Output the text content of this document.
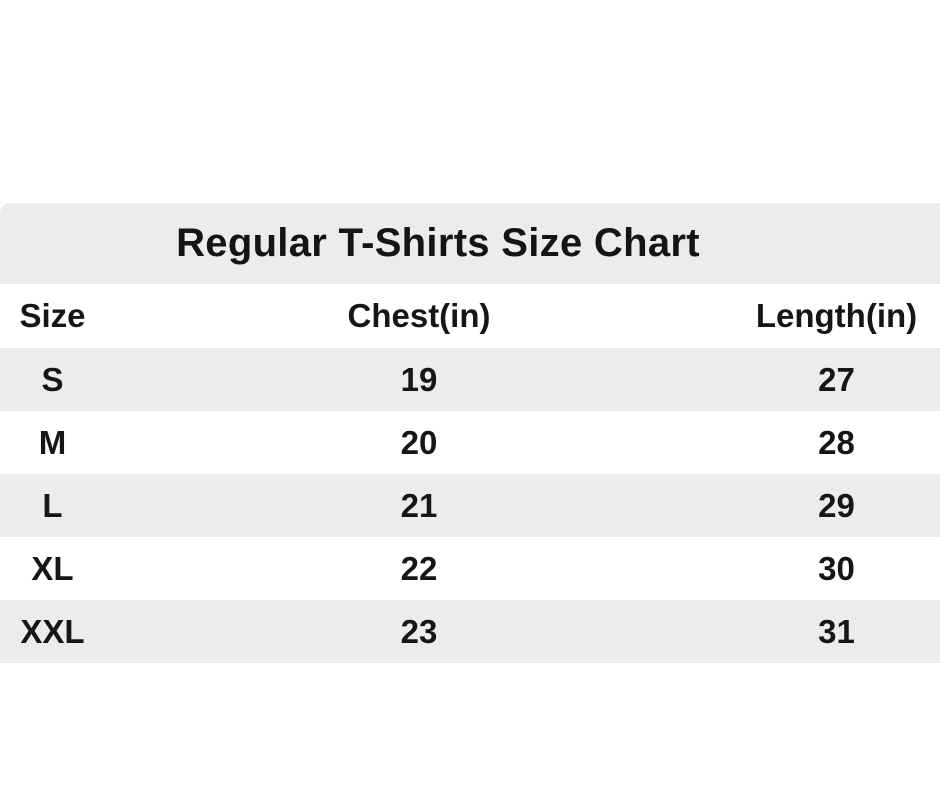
Regular T-Shirts Size Chart
Size	Chest(in)	Length(in)
S	19	27
M	20	28
L	21	29
XL	22	30
XXL	23	31
